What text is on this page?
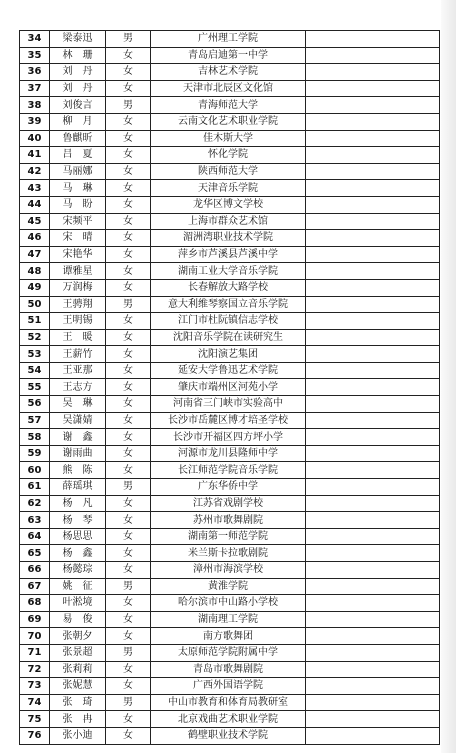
34	梁泰迅	男	广州理工学院	
35	林　珊	女	青岛启迪第一中学	
36	刘　丹	女	吉林艺术学院	
37	刘　丹	女	天津市北辰区文化馆	
38	刘俊言	男	青海师范大学	
39	柳　月	女	云南文化艺术职业学院	
40	鲁麒昕	女	佳木斯大学	
41	吕　夏	女	怀化学院	
42	马丽娜	女	陕西师范大学	
43	马　琳	女	天津音乐学院	
44	马　盼	女	龙华区博文学校	
45	宋频平	女	上海市群众艺术馆	
46	宋　晴	女	湄洲湾职业技术学院	
47	宋艳华	女	萍乡市芦溪县芦溪中学	
48	谭雅星	女	湖南工业大学音乐学院	
49	万润梅	女	长春解放大路学校	
50	王骋翔	男	意大利维琴察国立音乐学院	
51	王明锡	女	江门市杜阮镇信志学校	
52	王　暖	女	沈阳音乐学院在读研究生	
53	王薪竹	女	沈阳演艺集团	
54	王亚那	女	延安大学鲁迅艺术学院	
55	王志方	女	肇庆市端州区河苑小学	
56	吴　琳	女	河南省三门峡市实验高中	
57	吴潇婧	女	长沙市岳麓区博才培圣学校	
58	谢　鑫	女	长沙市开福区四方坪小学	
59	谢雨曲	女	河源市龙川县隆师中学	
60	熊　陈	女	长江师范学院音乐学院	
61	薛瑶琪	男	广东华侨中学	
62	杨　凡	女	江苏省戏剧学校	
63	杨　琴	女	苏州市歌舞剧院	
64	杨思思	女	湖南第一师范学院	
65	杨　鑫	女	米兰斯卡拉歌剧院	
66	杨懿琮	女	漳州市海滨学校	
67	姚　征	男	黄淮学院	
68	叶淞境	女	哈尔滨市中山路小学校	
69	易　俊	女	湖南理工学院	
70	张朝夕	女	南方歌舞团	
71	张景超	男	太原师范学院附属中学	
72	张莉莉	女	青岛市歌舞剧院	
73	张妮慧	女	广西外国语学院	
74	张　琦	男	中山市教育和体育局教研室	
75	张　冉	女	北京戏曲艺术职业学院	
76	张小迪	女	鹤壁职业技术学院	
